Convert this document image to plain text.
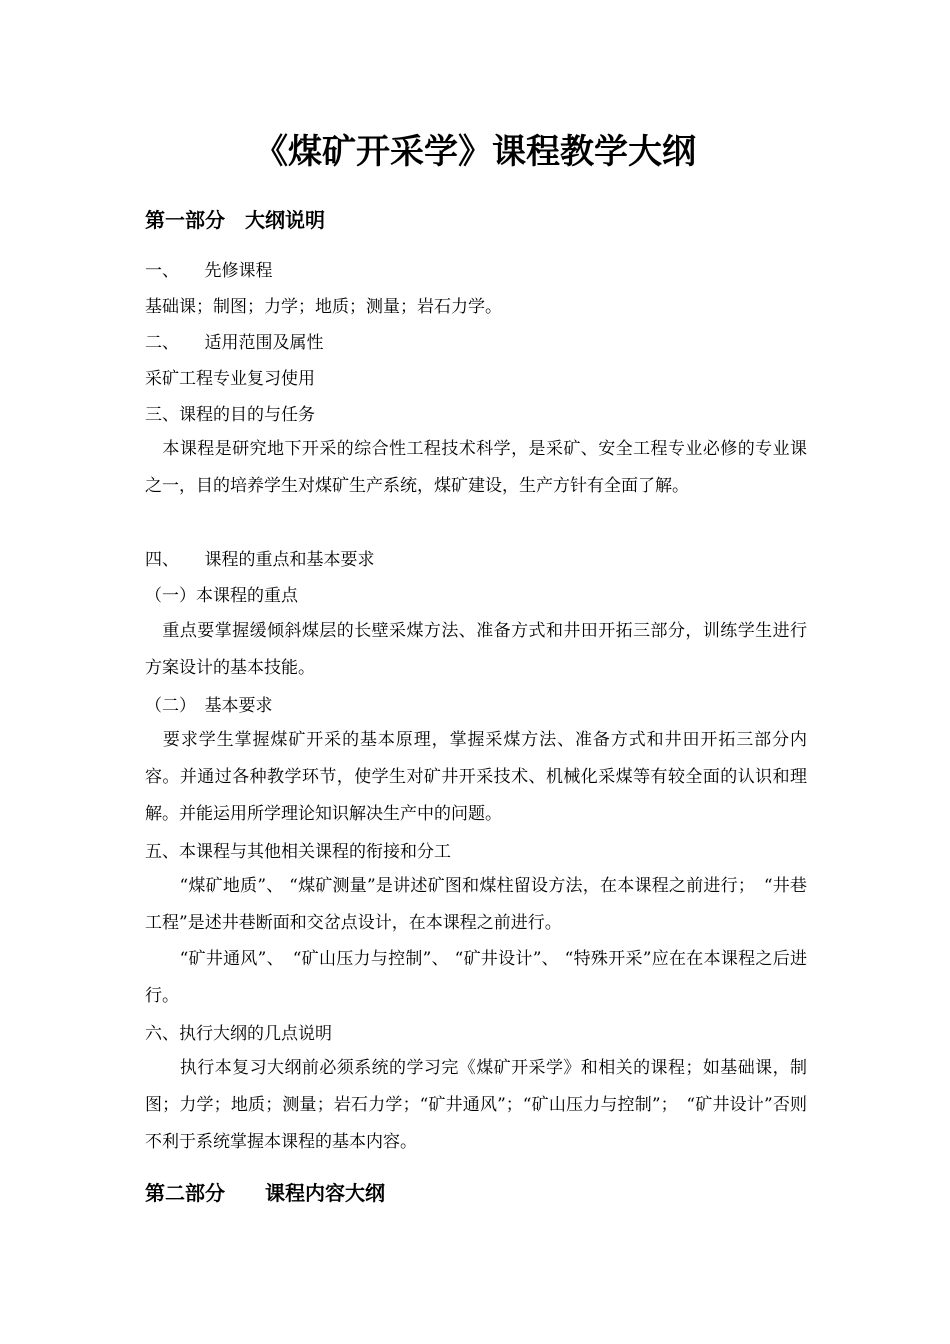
《煤矿开采学》课程教学大纲
第一部分　大纲说明

一、　　先修课程

基础课；制图；力学；地质；测量；岩石力学。

二、　　适用范围及属性

采矿工程专业复习使用

三、课程的目的与任务

　本课程是研究地下开采的综合性工程技术科学，是采矿、安全工程专业必修的专业课之一，目的培养学生对煤矿生产系统，煤矿建设，生产方针有全面了解。

四、　　课程的重点和基本要求

（一）本课程的重点

　重点要掌握缓倾斜煤层的长壁采煤方法、准备方式和井田开拓三部分，训练学生进行方案设计的基本技能。

（二）　基本要求

　要求学生掌握煤矿开采的基本原理，掌握采煤方法、准备方式和井田开拓三部分内容。并通过各种教学环节，使学生对矿井开采技术、机械化采煤等有较全面的认识和理解。并能运用所学理论知识解决生产中的问题。

五、本课程与其他相关课程的衔接和分工

　　“煤矿地质”、 “煤矿测量”是讲述矿图和煤柱留设方法，在本课程之前进行；　“井巷工程”是述井巷断面和交岔点设计，在本课程之前进行。

　　“矿井通风”、　“矿山压力与控制”、 “矿井设计”、 “特殊开采”应在在本课程之后进行。

六、执行大纲的几点说明

　　执行本复习大纲前必须系统的学习完《煤矿开采学》和相关的课程；如基础课，制图；力学；地质；测量；岩石力学；“矿井通风”；“矿山压力与控制”；　“矿井设计”否则不利于系统掌握本课程的基本内容。

第二部分　　课程内容大纲
